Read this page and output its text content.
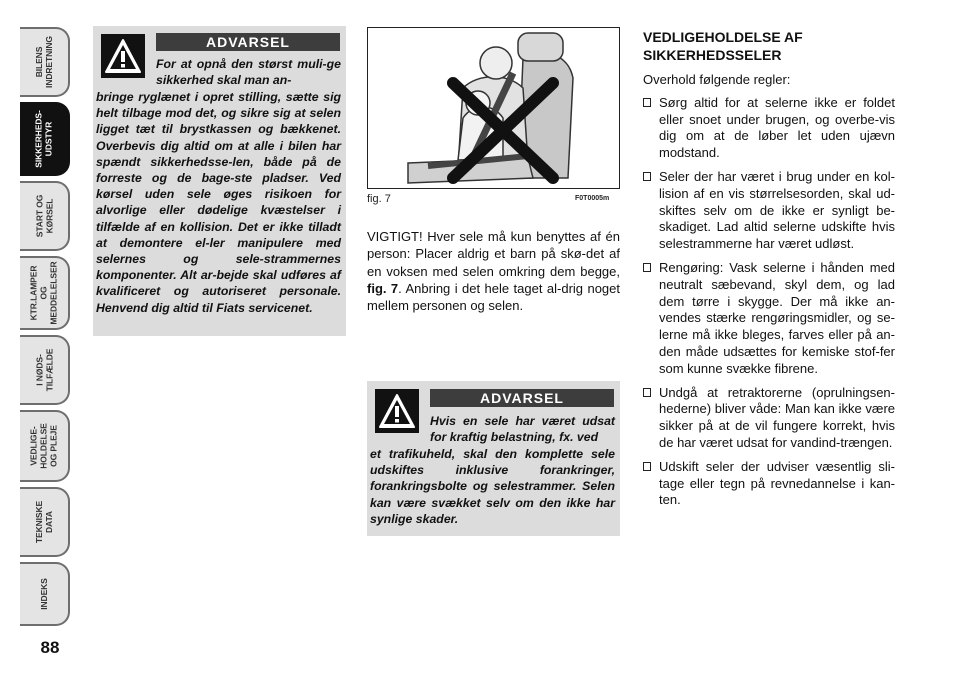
BILENS
INDRETNING
SIKKERHEDS-
UDSTYR
START OG
KØRSEL
KTR.LAMPER
OG
MEDDELELSER
I NØDS-
TILFÆLDE
VEDLIGE-
HOLDELSE
OG PLEJE
TEKNISKE
DATA
INDEKS
88
ADVARSEL
For at opnå den størst muli-ge sikkerhed skal man an-
bringe ryglænet i opret stilling, sætte sig helt tilbage mod det, og sikre sig at selen ligget tæt til brystkassen og bækkenet. Overbevis dig altid om at alle i bilen har spændt sikkerhedsse-len, både på de forreste og de bage-ste pladser. Ved kørsel uden sele øges risikoen for alvorlige eller dødelige kvæstelser i tilfælde af en kollision. Det er ikke tilladt at demontere el-ler manipulere med selernes og sele-strammernes komponenter. Alt ar-bejde skal udføres af kvalificeret og autoriseret personale. Henvend dig altid til Fiats servicenet.
fig. 7	F0T0005m
VIGTIGT! Hver sele må kun benyttes af én person: Placer aldrig et barn på skø-det af en voksen med selen omkring dem begge, fig. 7. Anbring i det hele taget al-drig noget mellem personen og selen.
ADVARSEL
Hvis en sele har været udsat for kraftig belastning, fx. ved
et trafikuheld, skal den komplette sele udskiftes inklusive forankringer, forankringsbolte og selestrammer. Selen kan være svækket selv om den ikke har synlige skader.
VEDLIGEHOLDELSE AF SIKKERHEDSSELER
Overhold følgende regler:
Sørg altid for at selerne ikke er foldet eller snoet under brugen, og overbe-vis dig om at de løber let uden ujævn modstand.
Seler der har været i brug under en kol-lision af en vis størrelsesorden, skal ud-skiftes selv om de ikke er synligt be-skadiget. Lad altid selerne udskifte hvis selestrammerne har været udløst.
Rengøring: Vask selerne i hånden med neutralt sæbevand, skyl dem, og lad dem tørre i skygge. Der må ikke an-vendes stærke rengøringsmidler, og se-lerne må ikke bleges, farves eller på an-den måde udsættes for kemiske stof-fer som kunne svække fibrene.
Undgå at retraktorerne (oprulningsen-hederne) bliver våde: Man kan ikke være sikker på at de vil fungere korrekt, hvis de har været udsat for vandind-trængen.
Udskift seler der udviser væsentlig sli-tage eller tegn på revnedannelse i kan-ten.
